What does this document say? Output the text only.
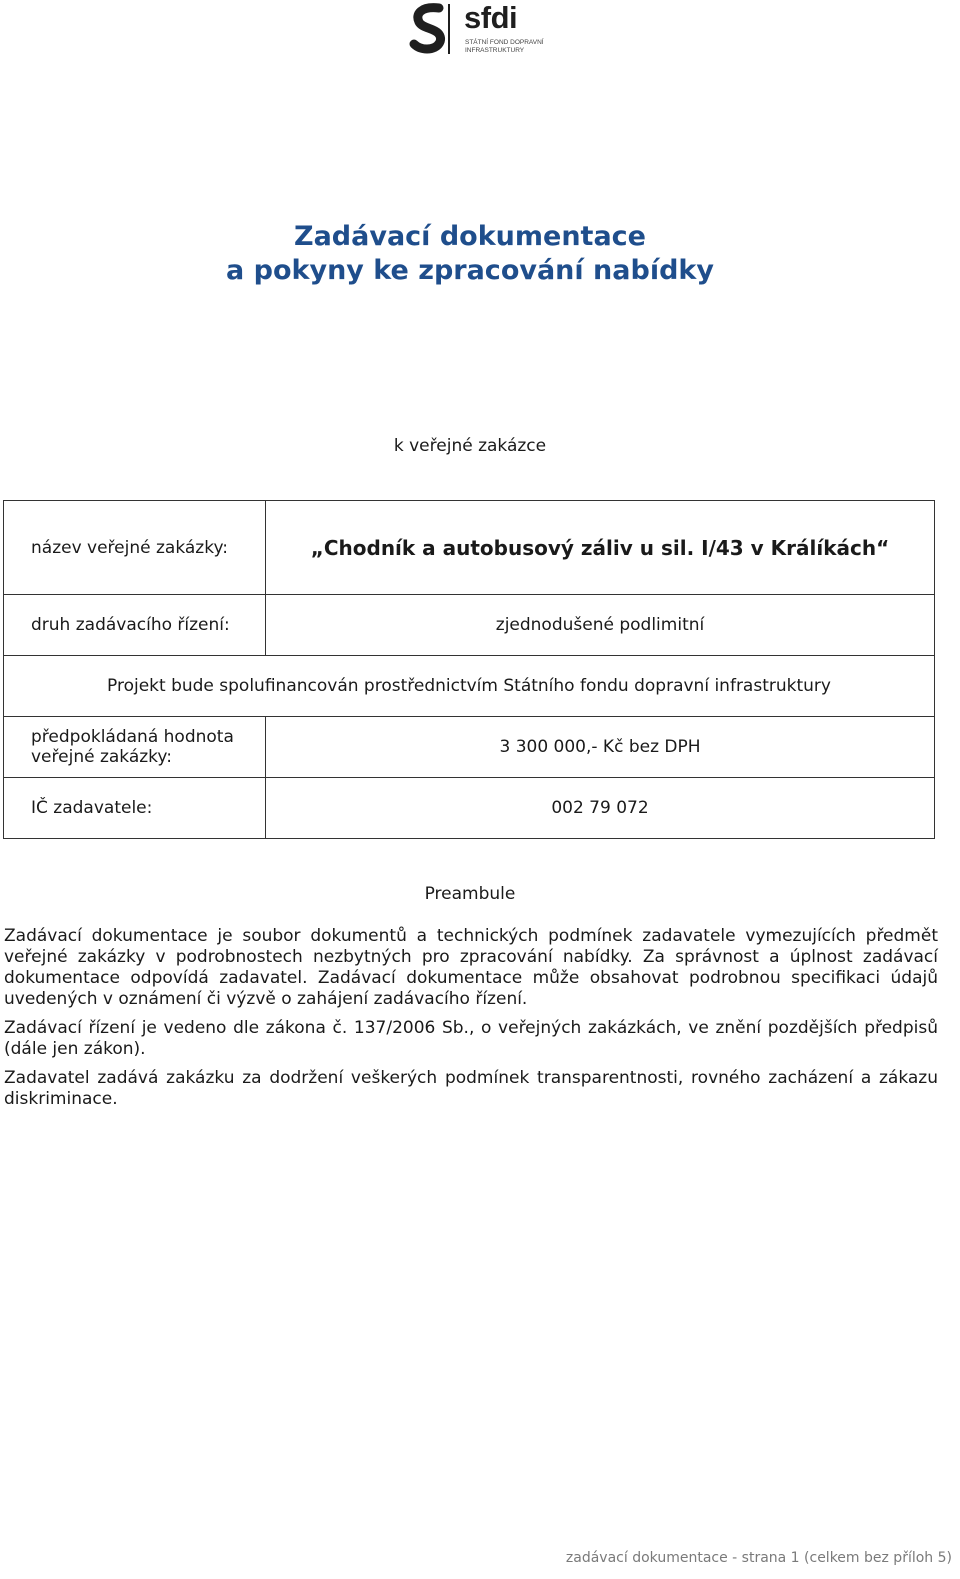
sfdi
STÁTNÍ FOND DOPRAVNÍ INFRASTRUKTURY
Zadávací dokumentace
a pokyny ke zpracování nabídky
k veřejné zakázce
název veřejné zakázky:	„Chodník a autobusový záliv u sil. I/43 v Králíkách“
druh zadávacího řízení:	zjednodušené podlimitní
Projekt bude spolufinancován prostřednictvím Státního fondu dopravní infrastruktury	
předpokládaná hodnota veřejné zakázky:	3 300 000,- Kč bez DPH
IČ zadavatele:	002 79 072
Preambule

Zadávací dokumentace je soubor dokumentů a technických podmínek zadavatele vymezujících předmět veřejné zakázky v podrobnostech nezbytných pro zpracování nabídky. Za správnost a úplnost zadávací dokumentace odpovídá zadavatel. Zadávací dokumentace může obsahovat podrobnou specifikaci údajů uvedených v oznámení či výzvě o zahájení zadávacího řízení.

Zadávací řízení je vedeno dle zákona č. 137/2006 Sb., o veřejných zakázkách, ve znění pozdějších předpisů (dále jen zákon).

Zadavatel zadává zakázku za dodržení veškerých podmínek transparentnosti, rovného zacházení a zákazu diskriminace.

zadávací dokumentace - strana 1 (celkem bez příloh 5)
